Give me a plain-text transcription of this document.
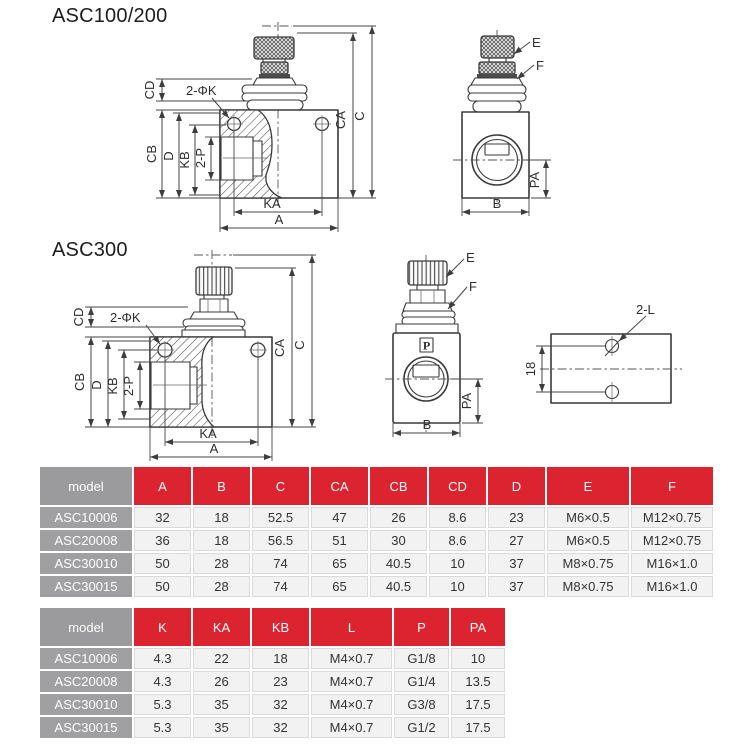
ASC100/200
ASC300
CD
CB D KB 2-P
2-ΦK
KA
A
CA C
E
F
PA
B
CD
CB D KB 2-P
2-ΦK
KA
A
CA C	P
E
F
PA
B
18
2-L
model	A	B	C	CA	CB	CD	D	E	F
ASC10006	32	18	52.5	47	26	8.6	23	M6×0.5	M12×0.75
ASC20008	36	18	56.5	51	30	8.6	27	M6×0.5	M12×0.75
ASC30010	50	28	74	65	40.5	10	37	M8×0.75	M16×1.0
ASC30015	50	28	74	65	40.5	10	37	M8×0.75	M16×1.0
model	K	KA	KB	L	P	PA
ASC10006	4.3	22	18	M4×0.7	G1/8	10
ASC20008	4.3	26	23	M4×0.7	G1/4	13.5
ASC30010	5.3	35	32	M4×0.7	G3/8	17.5
ASC30015	5.3	35	32	M4×0.7	G1/2	17.5
